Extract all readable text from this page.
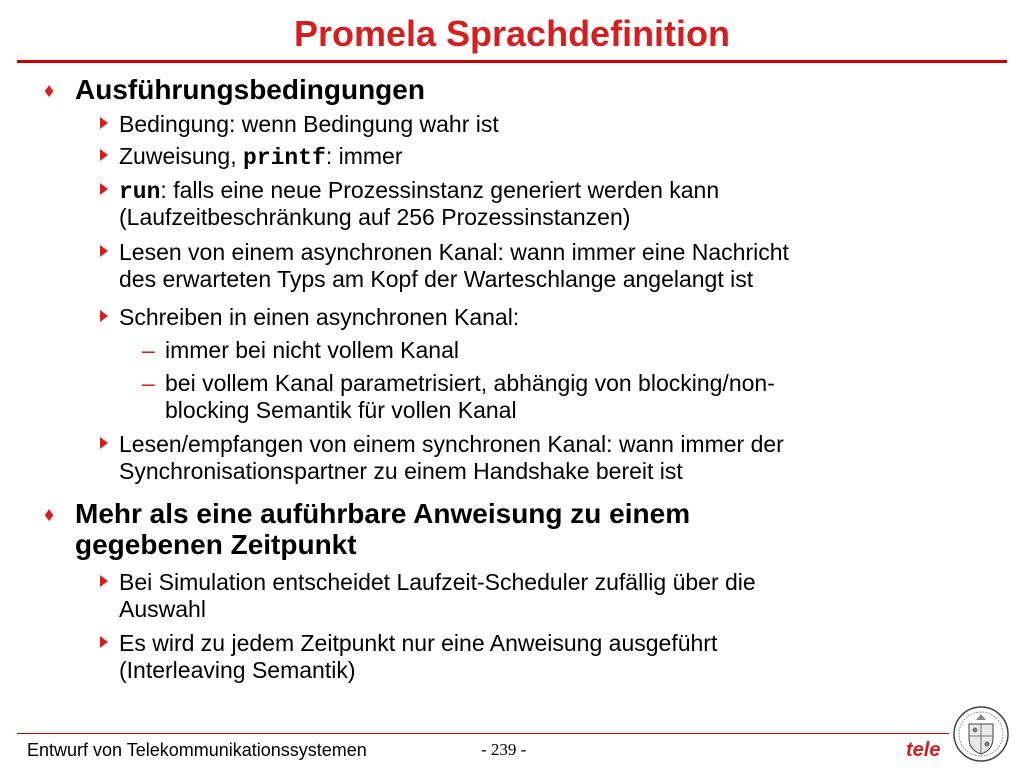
Promela Sprachdefinition
♦ Ausführungsbedingungen
Bedingung: wenn Bedingung wahr ist
Zuweisung, printf: immer
run: falls eine neue Prozessinstanz generiert werden kann
(Laufzeitbeschränkung auf 256 Prozessinstanzen)
Lesen von einem asynchronen Kanal: wann immer eine Nachricht
des erwarteten Typs am Kopf der Warteschlange angelangt ist
Schreiben in einen asynchronen Kanal:
– immer bei nicht vollem Kanal
– bei vollem Kanal parametrisiert, abhängig von blocking/non-
blocking Semantik für vollen Kanal
Lesen/empfangen von einem synchronen Kanal: wann immer der
Synchronisationspartner zu einem Handshake bereit ist
♦ Mehr als eine auführbare Anweisung zu einem
gegebenen Zeitpunkt
Bei Simulation entscheidet Laufzeit-Scheduler zufällig über die
Auswahl
Es wird zu jedem Zeitpunkt nur eine Anweisung ausgeführt
(Interleaving Semantik)
Entwurf von Telekommunikationssystemen	- 239 -	tele
